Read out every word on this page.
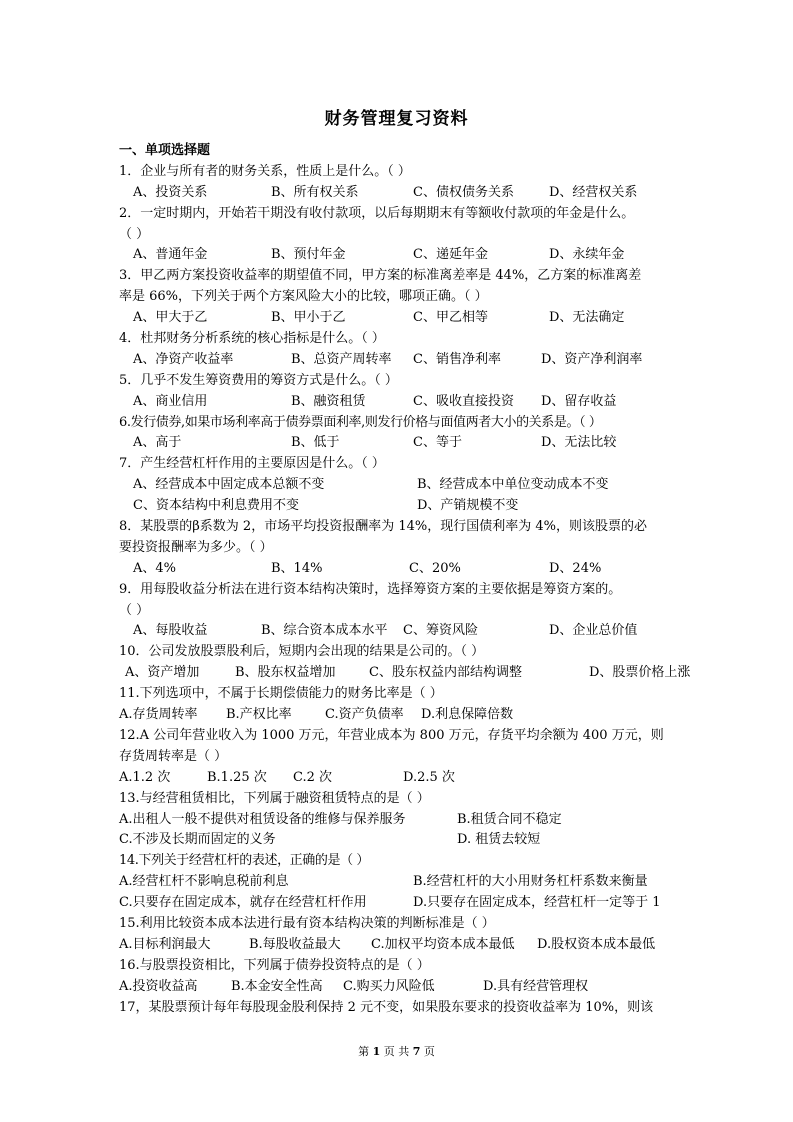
财务管理复习资料
一、单项选择题
1．企业与所有者的财务关系，性质上是什么。（ ）
A、投资关系	B、所有权关系	C、债权债务关系	D、经营权关系
2．一定时期内，开始若干期没有收付款项，以后每期期末有等额收付款项的年金是什么。
（ ）
A、普通年金	B、预付年金	C、递延年金	D、永续年金
3．甲乙两方案投资收益率的期望值不同，甲方案的标准离差率是 44%，乙方案的标准离差
率是 66%，下列关于两个方案风险大小的比较，哪项正确。（ ）
A、甲大于乙	B、甲小于乙	C、甲乙相等	D、无法确定
4．杜邦财务分析系统的核心指标是什么。（ ）
A、净资产收益率	B、总资产周转率 C、销售净利率	D、资产净利润率
5．几乎不发生筹资费用的筹资方式是什么。（ ）
A、商业信用	B、融资租赁	C、吸收直接投资 D、留存收益
6.发行债券,如果市场利率高于债券票面利率,则发行价格与面值两者大小的关系是。（ ）
A、高于	B、低于	C、等于	D、无法比较
7．产生经营杠杆作用的主要原因是什么。（ ）
A、经营成本中固定成本总额不变	B、经营成本中单位变动成本不变
C、资本结构中利息费用不变	D、产销规模不变
8．某股票的β系数为 2，市场平均投资报酬率为 14%，现行国债利率为 4%，则该股票的必
要投资报酬率为多少。（ ）
A、4%	B、14%	C、20%	D、24%
9．用每股收益分析法在进行资本结构决策时，选择筹资方案的主要依据是筹资方案的。
（ ）
A、每股收益	B、综合资本成本水平 C、筹资风险	D、企业总价值
10．公司发放股票股利后，短期内会出现的结果是公司的。（ ）
A、资产增加	B、股东权益增加	C、股东权益内部结构调整	D、股票价格上涨
11.下列选项中，不属于长期偿债能力的财务比率是（ ）
A.存货周转率 B.产权比率	C.资产负债率 D.利息保障倍数
12.A 公司年营业收入为 1000 万元，年营业成本为 800 万元，存货平均余额为 400 万元，则
存货周转率是（ ）
A.1.2 次	B.1.25 次 C.2 次	D.2.5 次
13.与经营租赁相比，下列属于融资租赁特点的是（ ）
A.出租人一般不提供对租赁设备的维修与保养服务	B.租赁合同不稳定
C.不涉及长期而固定的义务	D. 租赁去较短
14.下列关于经营杠杆的表述，正确的是（ ）
A.经营杠杆不影响息税前利息	B.经营杠杆的大小用财务杠杆系数来衡量
C.只要存在固定成本，就存在经营杠杆作用	D.只要存在固定成本，经营杠杆一定等于 1
15.利用比较资本成本法进行最有资本结构决策的判断标准是（ ）
A.目标利润最大	B.每股收益最大 C.加权平均资本成本最低 D.股权资本成本最低
16.与股票投资相比，下列属于债券投资特点的是（ ）
A.投资收益高	B.本金安全性高 C.购买力风险低	D.具有经营管理权
17，某股票预计每年每股现金股利保持 2 元不变，如果股东要求的投资收益率为 10%，则该
第 1 页 共 7 页
